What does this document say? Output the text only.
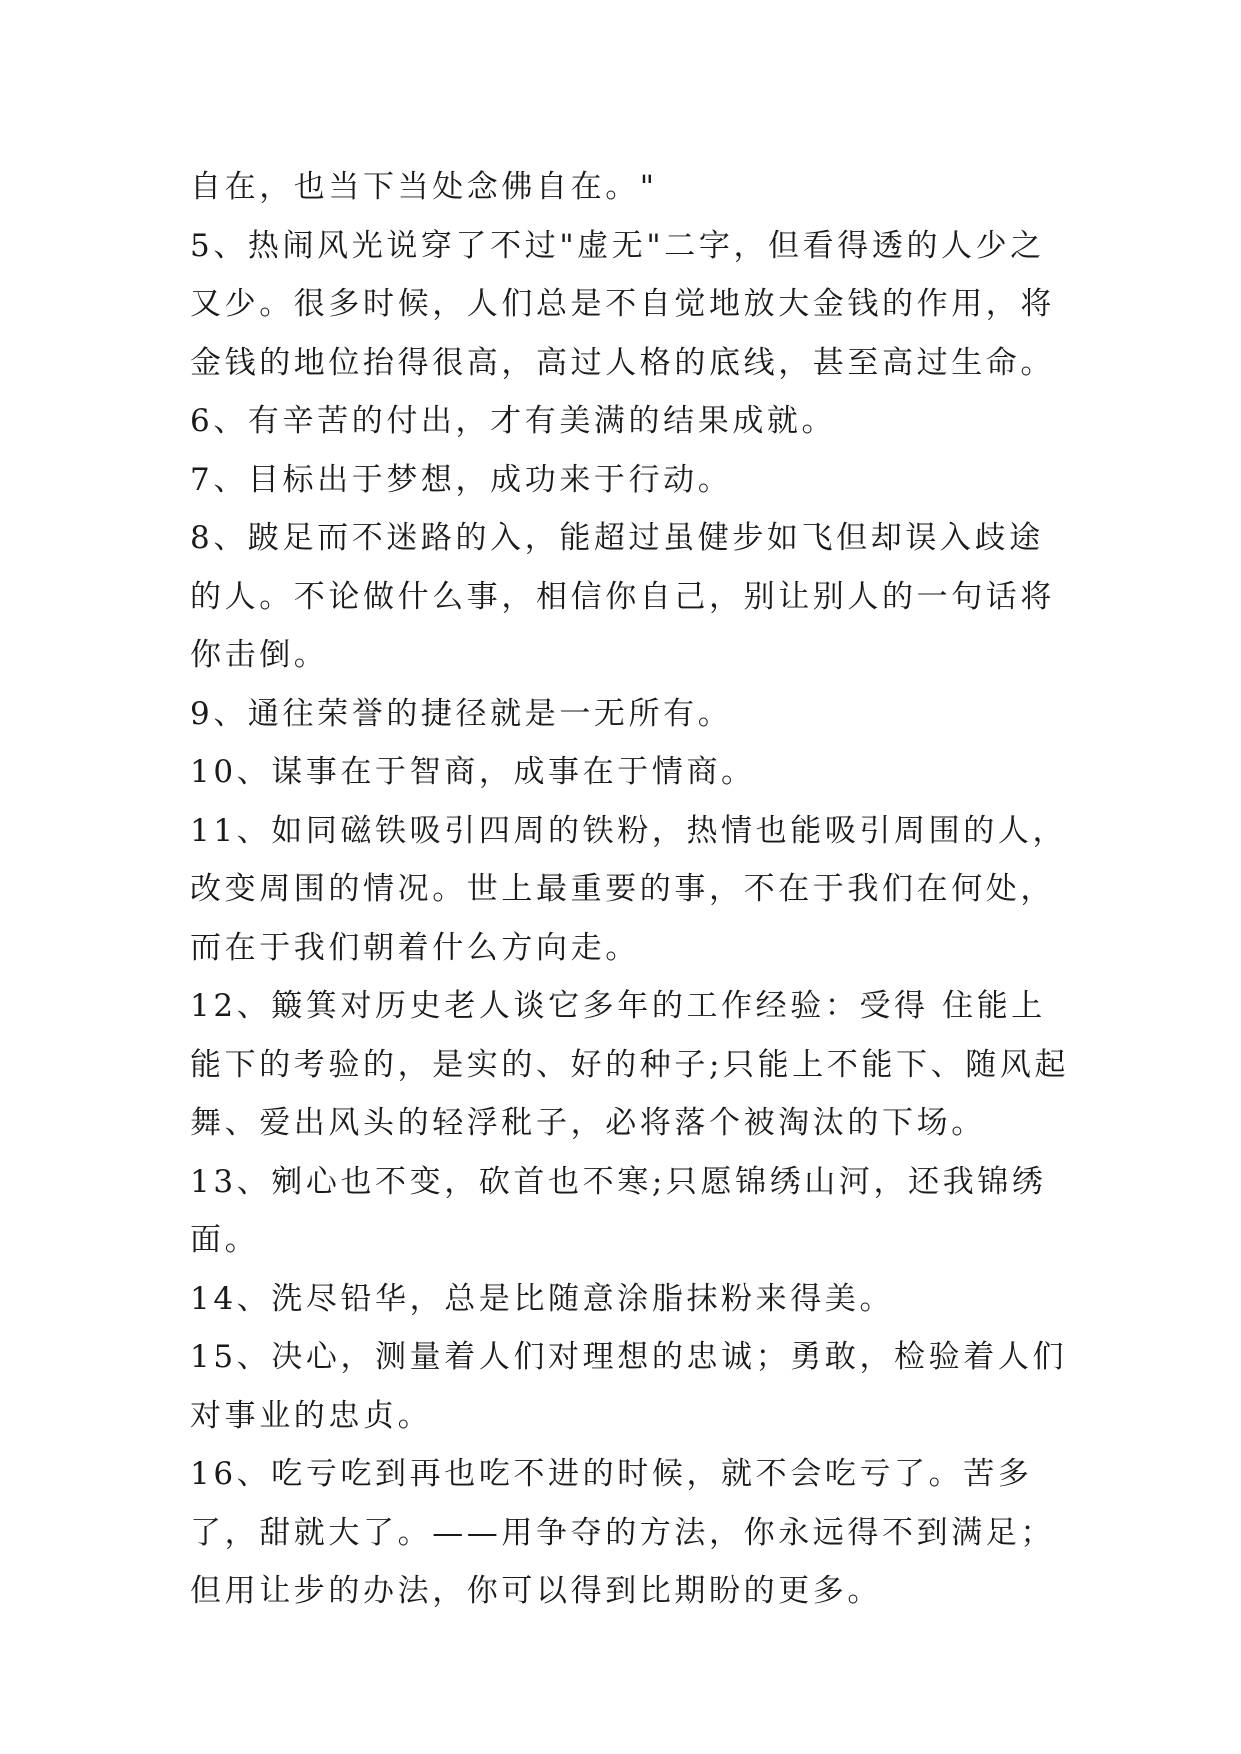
自在，也当下当处念佛自在。"

5、热闹风光说穿了不过"虚无"二字，但看得透的人少之又少。很多时候，人们总是不自觉地放大金钱的作用，将金钱的地位抬得很高，高过人格的底线，甚至高过生命。

6、有辛苦的付出，才有美满的结果成就。

7、目标出于梦想，成功来于行动。

8、跛足而不迷路的入，能超过虽健步如飞但却误入歧途的人。不论做什么事，相信你自己，别让别人的一句话将你击倒。

9、通往荣誉的捷径就是一无所有。

10、谋事在于智商，成事在于情商。

11、如同磁铁吸引四周的铁粉，热情也能吸引周围的人，改变周围的情况。世上最重要的事，不在于我们在何处，而在于我们朝着什么方向走。

12、簸箕对历史老人谈它多年的工作经验：受得 住能上能下的考验的，是实的、好的种子;只能上不能下、随风起舞、爱出风头的轻浮秕子，必将落个被淘汰的下场。

13、剜心也不变，砍首也不寒;只愿锦绣山河，还我锦绣面。

14、洗尽铅华，总是比随意涂脂抹粉来得美。

15、决心，测量着人们对理想的忠诚；勇敢，检验着人们对事业的忠贞。

16、吃亏吃到再也吃不进的时候，就不会吃亏了。苦多了，甜就大了。——用争夺的方法，你永远得不到满足；但用让步的办法，你可以得到比期盼的更多。
